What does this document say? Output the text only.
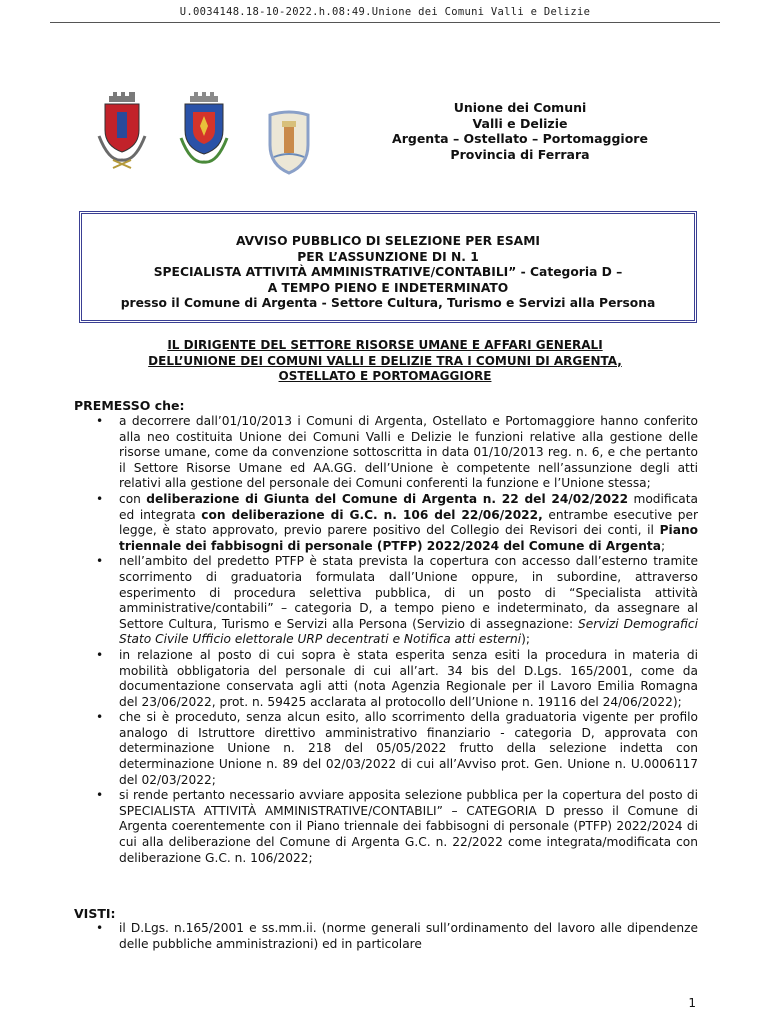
U.0034148.18-10-2022.h.08:49.Unione dei Comuni Valli e Delizie
Unione dei Comuni
Valli e Delizie
Argenta – Ostellato – Portomaggiore
Provincia di Ferrara
AVVISO PUBBLICO DI SELEZIONE PER ESAMI
PER L’ASSUNZIONE DI N. 1
SPECIALISTA ATTIVITÀ AMMINISTRATIVE/CONTABILI” - Categoria D –
A TEMPO PIENO E INDETERMINATO
presso il Comune di Argenta - Settore Cultura, Turismo e Servizi alla Persona
IL DIRIGENTE DEL SETTORE RISORSE UMANE E AFFARI GENERALI
DELL’UNIONE DEI COMUNI VALLI E DELIZIE TRA I COMUNI DI ARGENTA,
OSTELLATO E PORTOMAGGIORE
PREMESSO che:
• a decorrere dall’01/10/2013 i Comuni di Argenta, Ostellato e Portomaggiore hanno conferito alla neo costituita Unione dei Comuni Valli e Delizie le funzioni relative alla gestione delle risorse umane, come da convenzione sottoscritta in data 01/10/2013 reg. n. 6, e che pertanto il Settore Risorse Umane ed AA.GG. dell’Unione è competente nell’assunzione degli atti relativi alla gestione del personale dei Comuni conferenti la funzione e l’Unione stessa;
• con deliberazione di Giunta del Comune di Argenta n. 22 del 24/02/2022 modificata ed integrata con deliberazione di G.C. n. 106 del 22/06/2022, entrambe esecutive per legge, è stato approvato, previo parere positivo del Collegio dei Revisori dei conti, il Piano triennale dei fabbisogni di personale (PTFP) 2022/2024 del Comune di Argenta;
• nell’ambito del predetto PTFP è stata prevista la copertura con accesso dall’esterno tramite scorrimento di graduatoria formulata dall’Unione oppure, in subordine, attraverso esperimento di procedura selettiva pubblica, di un posto di “Specialista attività amministrative/contabili” – categoria D, a tempo pieno e indeterminato, da assegnare al Settore Cultura, Turismo e Servizi alla Persona (Servizio di assegnazione: Servizi Demografici Stato Civile Ufficio elettorale URP decentrati e Notifica atti esterni);
• in relazione al posto di cui sopra è stata esperita senza esiti la procedura in materia di mobilità obbligatoria del personale di cui all’art. 34 bis del D.Lgs. 165/2001, come da documentazione conservata agli atti (nota Agenzia Regionale per il Lavoro Emilia Romagna del 23/06/2022, prot. n. 59425 acclarata al protocollo dell’Unione n. 19116 del 24/06/2022);
• che si è proceduto, senza alcun esito, allo scorrimento della graduatoria vigente per profilo analogo di Istruttore direttivo amministrativo finanziario - categoria D, approvata con determinazione Unione n. 218 del 05/05/2022 frutto della selezione indetta con determinazione Unione n. 89 del 02/03/2022 di cui all’Avviso prot. Gen. Unione n. U.0006117 del 02/03/2022;
• si rende pertanto necessario avviare apposita selezione pubblica per la copertura del posto di SPECIALISTA ATTIVITÀ AMMINISTRATIVE/CONTABILI” – CATEGORIA D presso il Comune di Argenta coerentemente con il Piano triennale dei fabbisogni di personale (PTFP) 2022/2024 di cui alla deliberazione del Comune di Argenta G.C. n. 22/2022 come integrata/modificata con deliberazione G.C. n. 106/2022;
VISTI:
• il D.Lgs. n.165/2001 e ss.mm.ii. (norme generali sull’ordinamento del lavoro alle dipendenze delle pubbliche amministrazioni) ed in particolare
1
